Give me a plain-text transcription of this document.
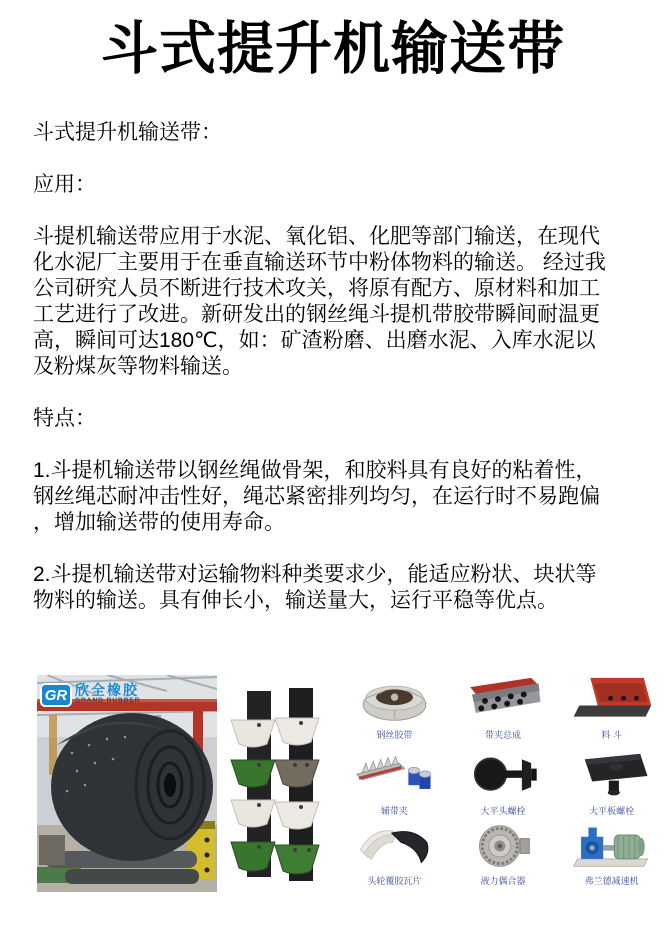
斗式提升机输送带
斗式提升机输送带：
应用：
斗提机输送带应用于水泥、氧化铝、化肥等部门输送，在现代
化水泥厂主要用于在垂直输送环节中粉体物料的输送。 经过我
公司研究人员不断进行技术攻关，将原有配方、原材料和加工
工艺进行了改进。新研发出的钢丝绳斗提机带胶带瞬间耐温更
高，瞬间可达180℃，如：矿渣粉磨、出磨水泥、入库水泥以
及粉煤灰等物料输送。
特点：
1.斗提机输送带以钢丝绳做骨架，和胶料具有良好的粘着性，
钢丝绳芯耐冲击性好，绳芯紧密排列均匀，在运行时不易跑偏
，增加输送带的使用寿命。
2.斗提机输送带对运输物料种类要求少，能适应粉状、块状等
物料的输送。具有伸长小，输送量大，运行平稳等优点。
GR 欣全橡胶
GRAND RUBBER
钢丝胶带	带夹总成	料 斗
辅带夹	大平头螺栓	大平板螺栓
头轮覆胶瓦片	液力偶合器	弗兰德减速机
